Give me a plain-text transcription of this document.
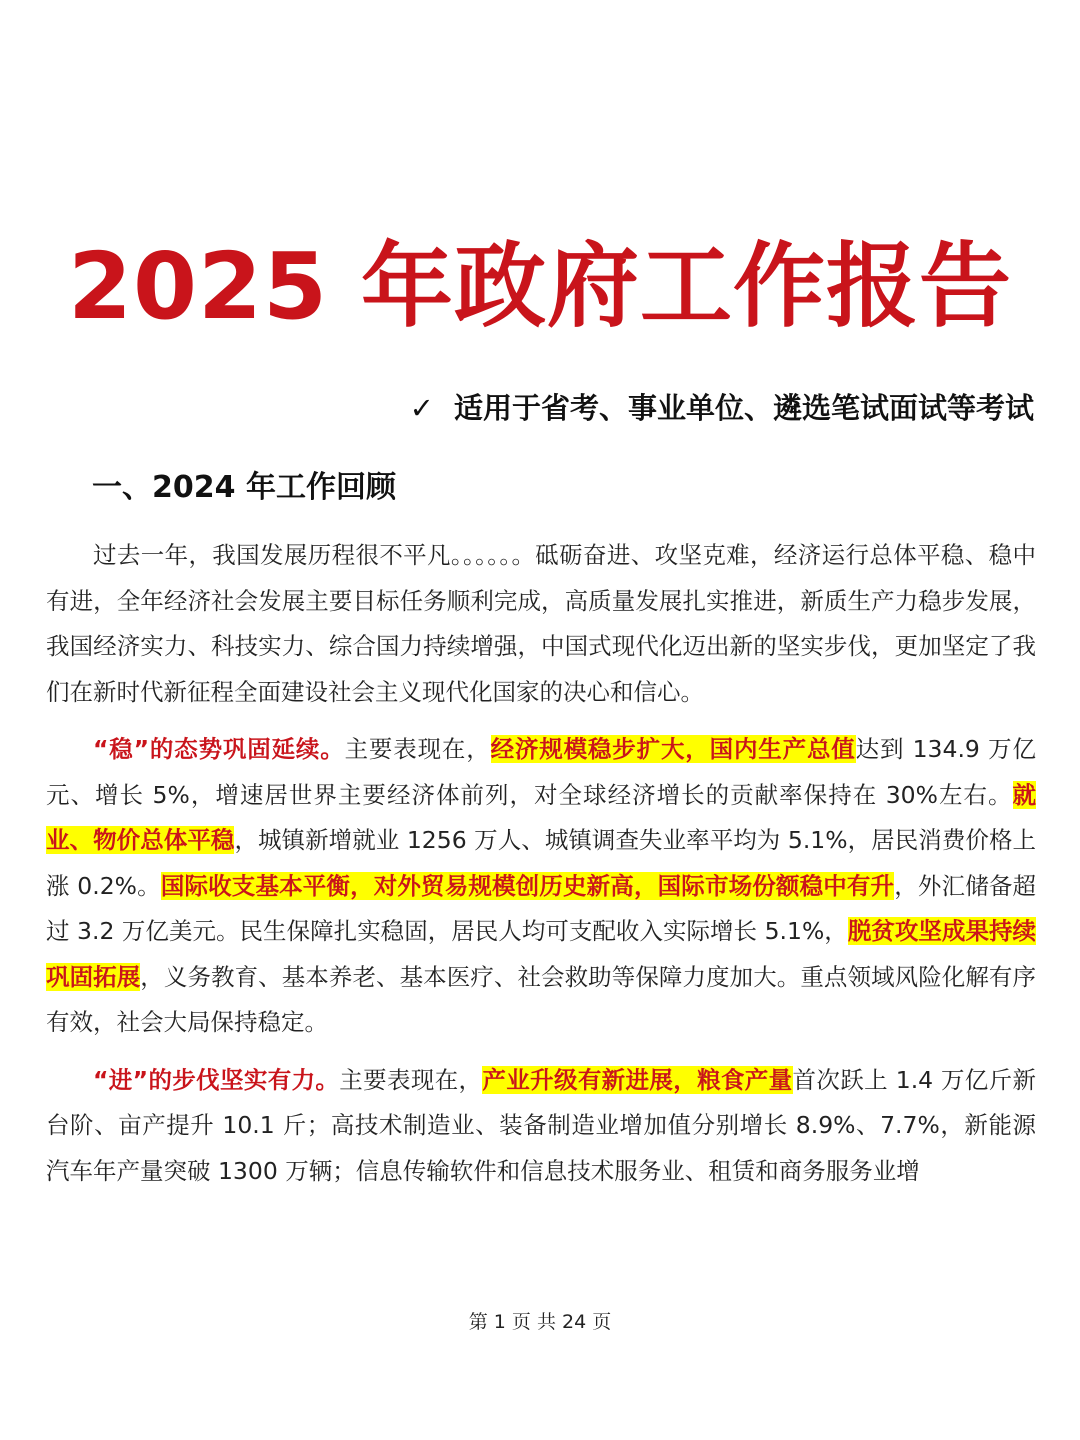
2025 年政府工作报告
✓ 适用于省考、事业单位、遴选笔试面试等考试
一、2024 年工作回顾

过去一年，我国发展历程很不平凡。。。。。。砥砺奋进、攻坚克难，经济运行总体平稳、稳中有进，全年经济社会发展主要目标任务顺利完成，高质量发展扎实推进，新质生产力稳步发展，我国经济实力、科技实力、综合国力持续增强，中国式现代化迈出新的坚实步伐，更加坚定了我们在新时代新征程全面建设社会主义现代化国家的决心和信心。

“稳”的态势巩固延续。主要表现在，经济规模稳步扩大，国内生产总值达到 134.9 万亿元、增长 5%，增速居世界主要经济体前列，对全球经济增长的贡献率保持在 30%左右。就业、物价总体平稳，城镇新增就业 1256 万人、城镇调查失业率平均为 5.1%，居民消费价格上涨 0.2%。国际收支基本平衡，对外贸易规模创历史新高，国际市场份额稳中有升，外汇储备超过 3.2 万亿美元。民生保障扎实稳固，居民人均可支配收入实际增长 5.1%，脱贫攻坚成果持续巩固拓展，义务教育、基本养老、基本医疗、社会救助等保障力度加大。重点领域风险化解有序有效，社会大局保持稳定。

“进”的步伐坚实有力。主要表现在，产业升级有新进展，粮食产量首次跃上 1.4 万亿斤新台阶、亩产提升 10.1 斤；高技术制造业、装备制造业增加值分别增长 8.9%、7.7%，新能源汽车年产量突破 1300 万辆；信息传输软件和信息技术服务业、租赁和商务服务业增

第 1 页 共 24 页
